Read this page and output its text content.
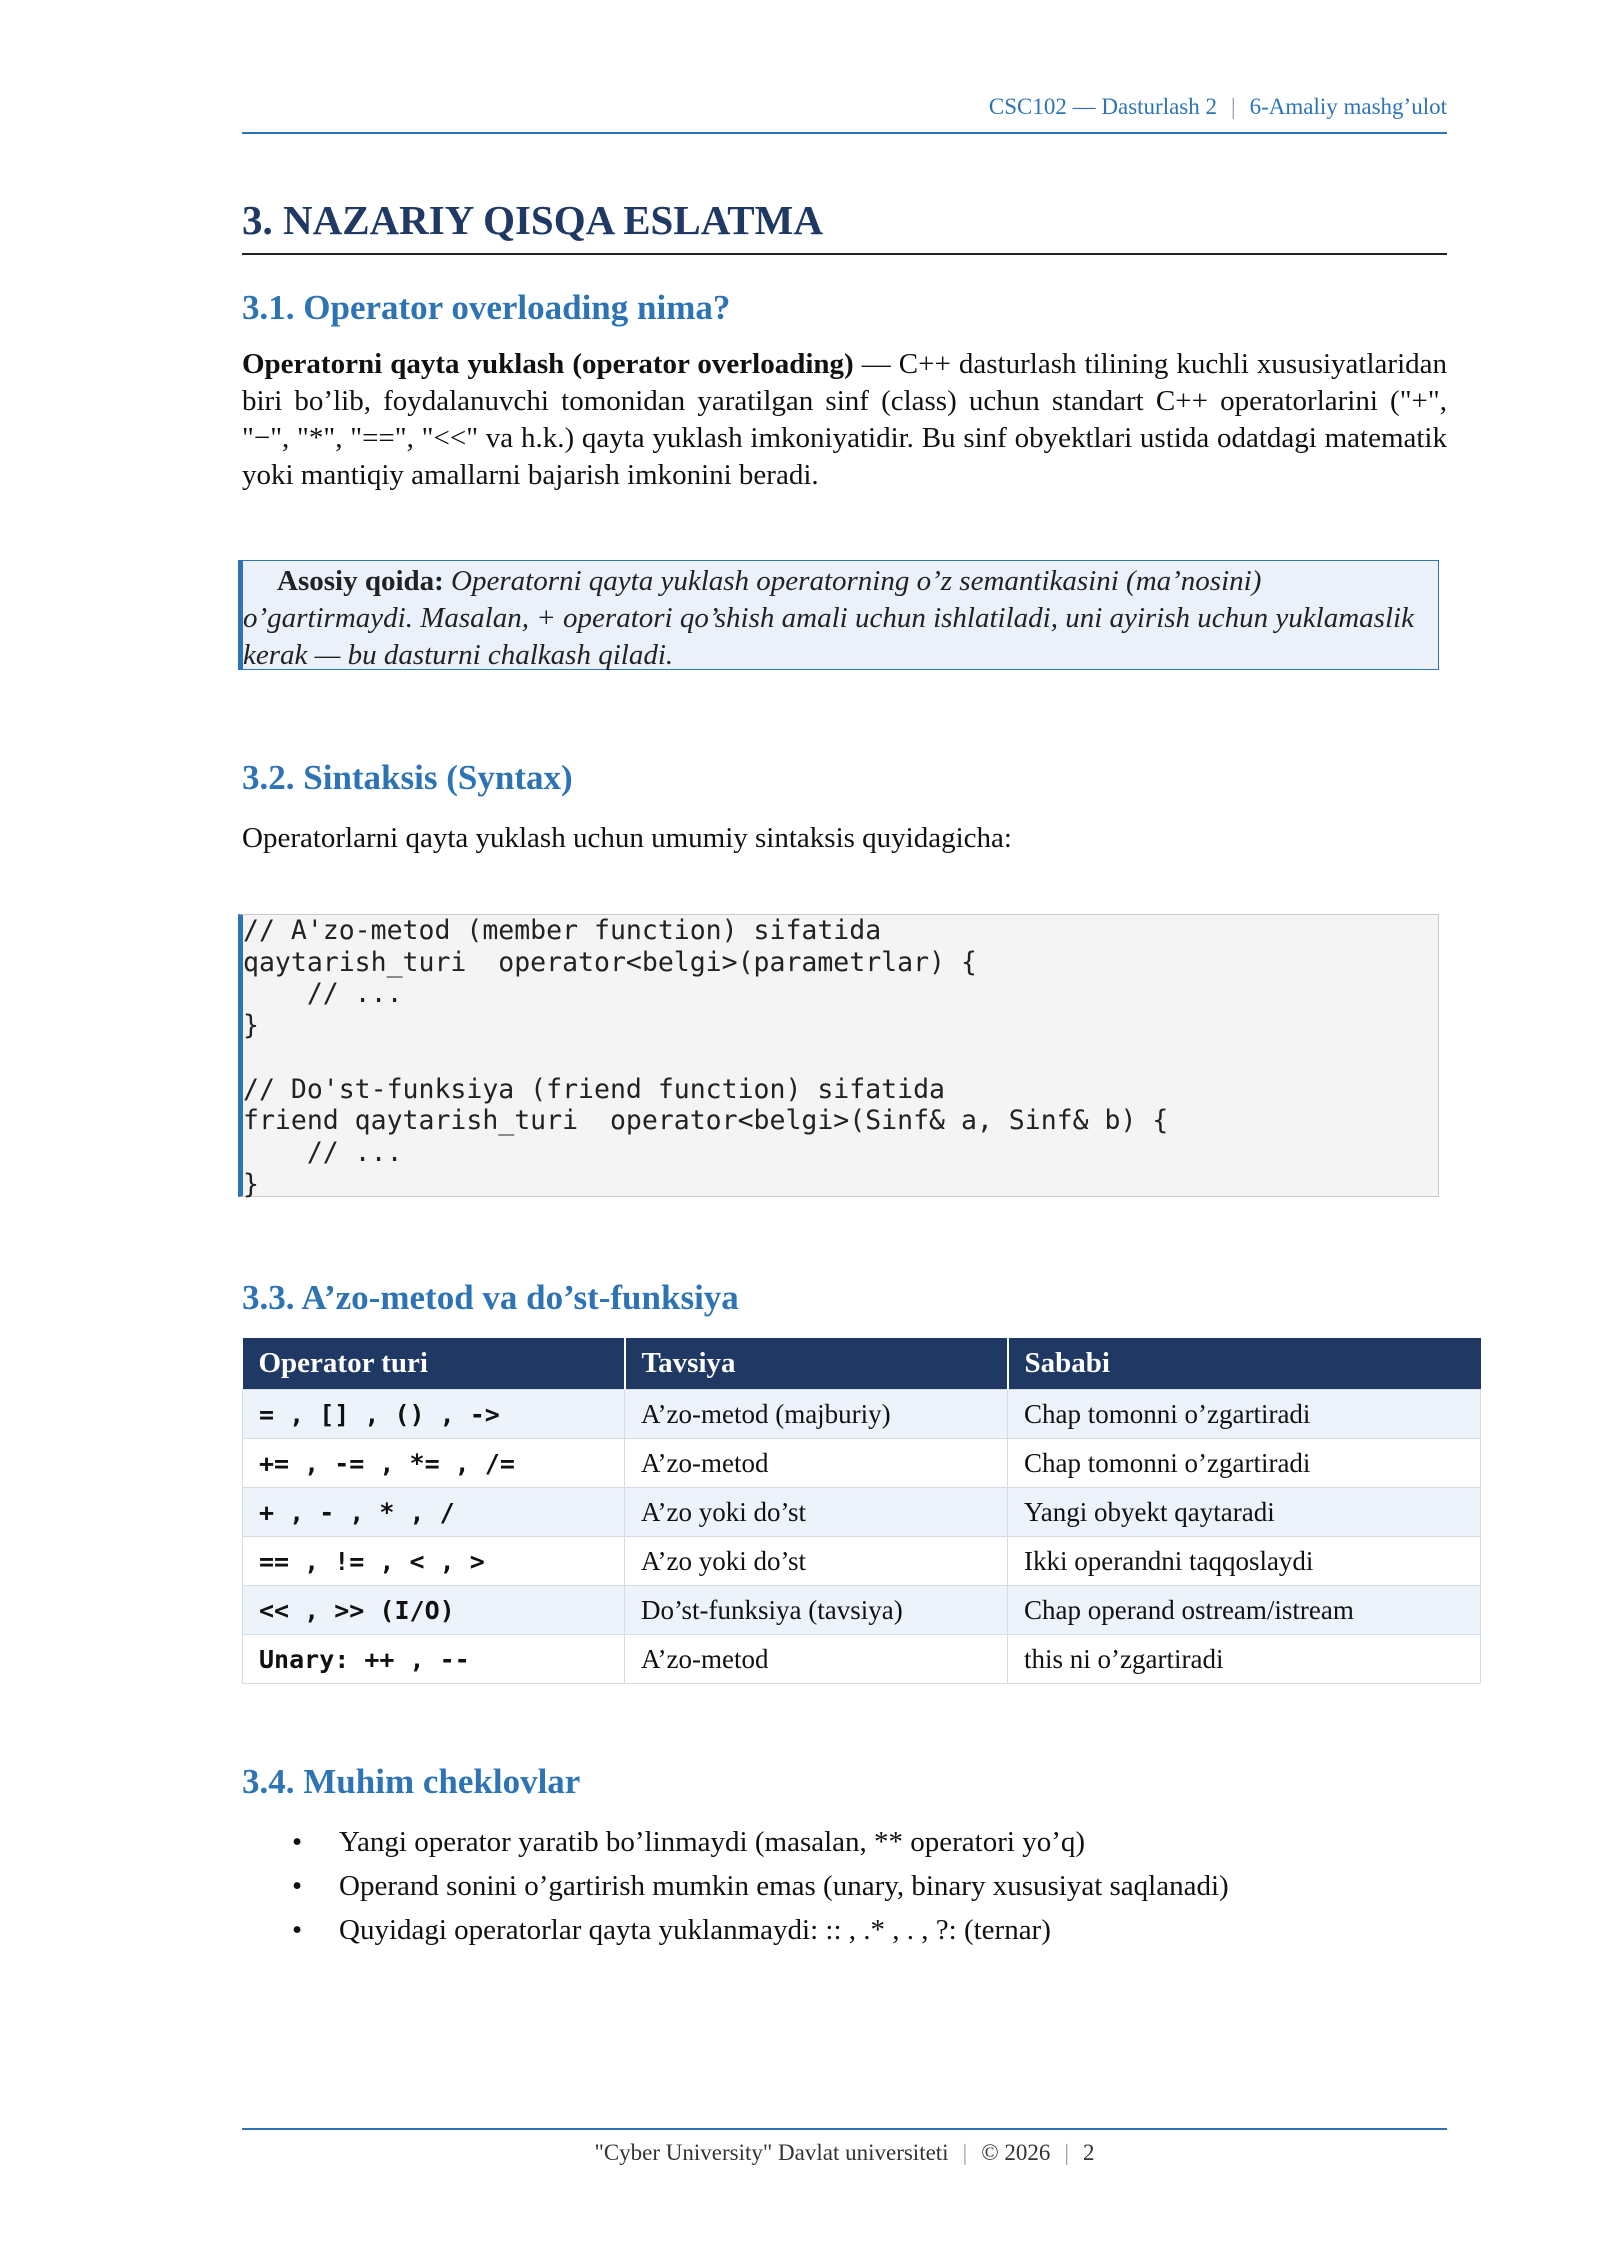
CSC102 — Dasturlash 2 | 6-Amaliy mashg’ulot
3. NAZARIY QISQA ESLATMA
3.1. Operator overloading nima?

Operatorni qayta yuklash (operator overloading) — C++ dasturlash tilining kuchli xususiyatlaridan biri bo’lib, foydalanuvchi tomonidan yaratilgan sinf (class) uchun standart C++ operatorlarini ("+", "−", "*", "==", "<<" va h.k.) qayta yuklash imkoniyatidir. Bu sinf obyektlari ustida odatdagi matematik yoki mantiqiy amallarni bajarish imkonini beradi.

Asosiy qoida: Operatorni qayta yuklash operatorning o’z semantikasini (ma’nosini) o’gartirmaydi. Masalan, + operatori qo’shish amali uchun ishlatiladi, uni ayirish uchun yuklamaslik kerak — bu dasturni chalkash qiladi.

3.2. Sintaksis (Syntax)

Operatorlarni qayta yuklash uchun umumiy sintaksis quyidagicha:

// A'zo-metod (member function) sifatida
qaytarish_turi  operator<belgi>(parametrlar) {
// ...
}

// Do'st-funksiya (friend function) sifatida
friend qaytarish_turi  operator<belgi>(Sinf& a, Sinf& b) {
// ...
}
3.3. A’zo-metod va do’st-funksiya
Operator turi	Tavsiya	Sababi
= , [] , () , ->	A’zo-metod (majburiy)	Chap tomonni o’zgartiradi
+= , -= , *= , /=	A’zo-metod	Chap tomonni o’zgartiradi
+ , - , * , /	A’zo yoki do’st	Yangi obyekt qaytaradi
== , != , < , >	A’zo yoki do’st	Ikki operandni taqqoslaydi
<< , >> (I/O)	Do’st-funksiya (tavsiya)	Chap operand ostream/istream
Unary: ++ , --	A’zo-metod	this ni o’zgartiradi
3.4. Muhim cheklovlar
• Yangi operator yaratib bo’linmaydi (masalan, ** operatori yo’q)
• Operand sonini o’gartirish mumkin emas (unary, binary xususiyat saqlanadi)
• Quyidagi operatorlar qayta yuklanmaydi: :: , .* , . , ?: (ternar)
"Cyber University" Davlat universiteti | © 2026 | 2
